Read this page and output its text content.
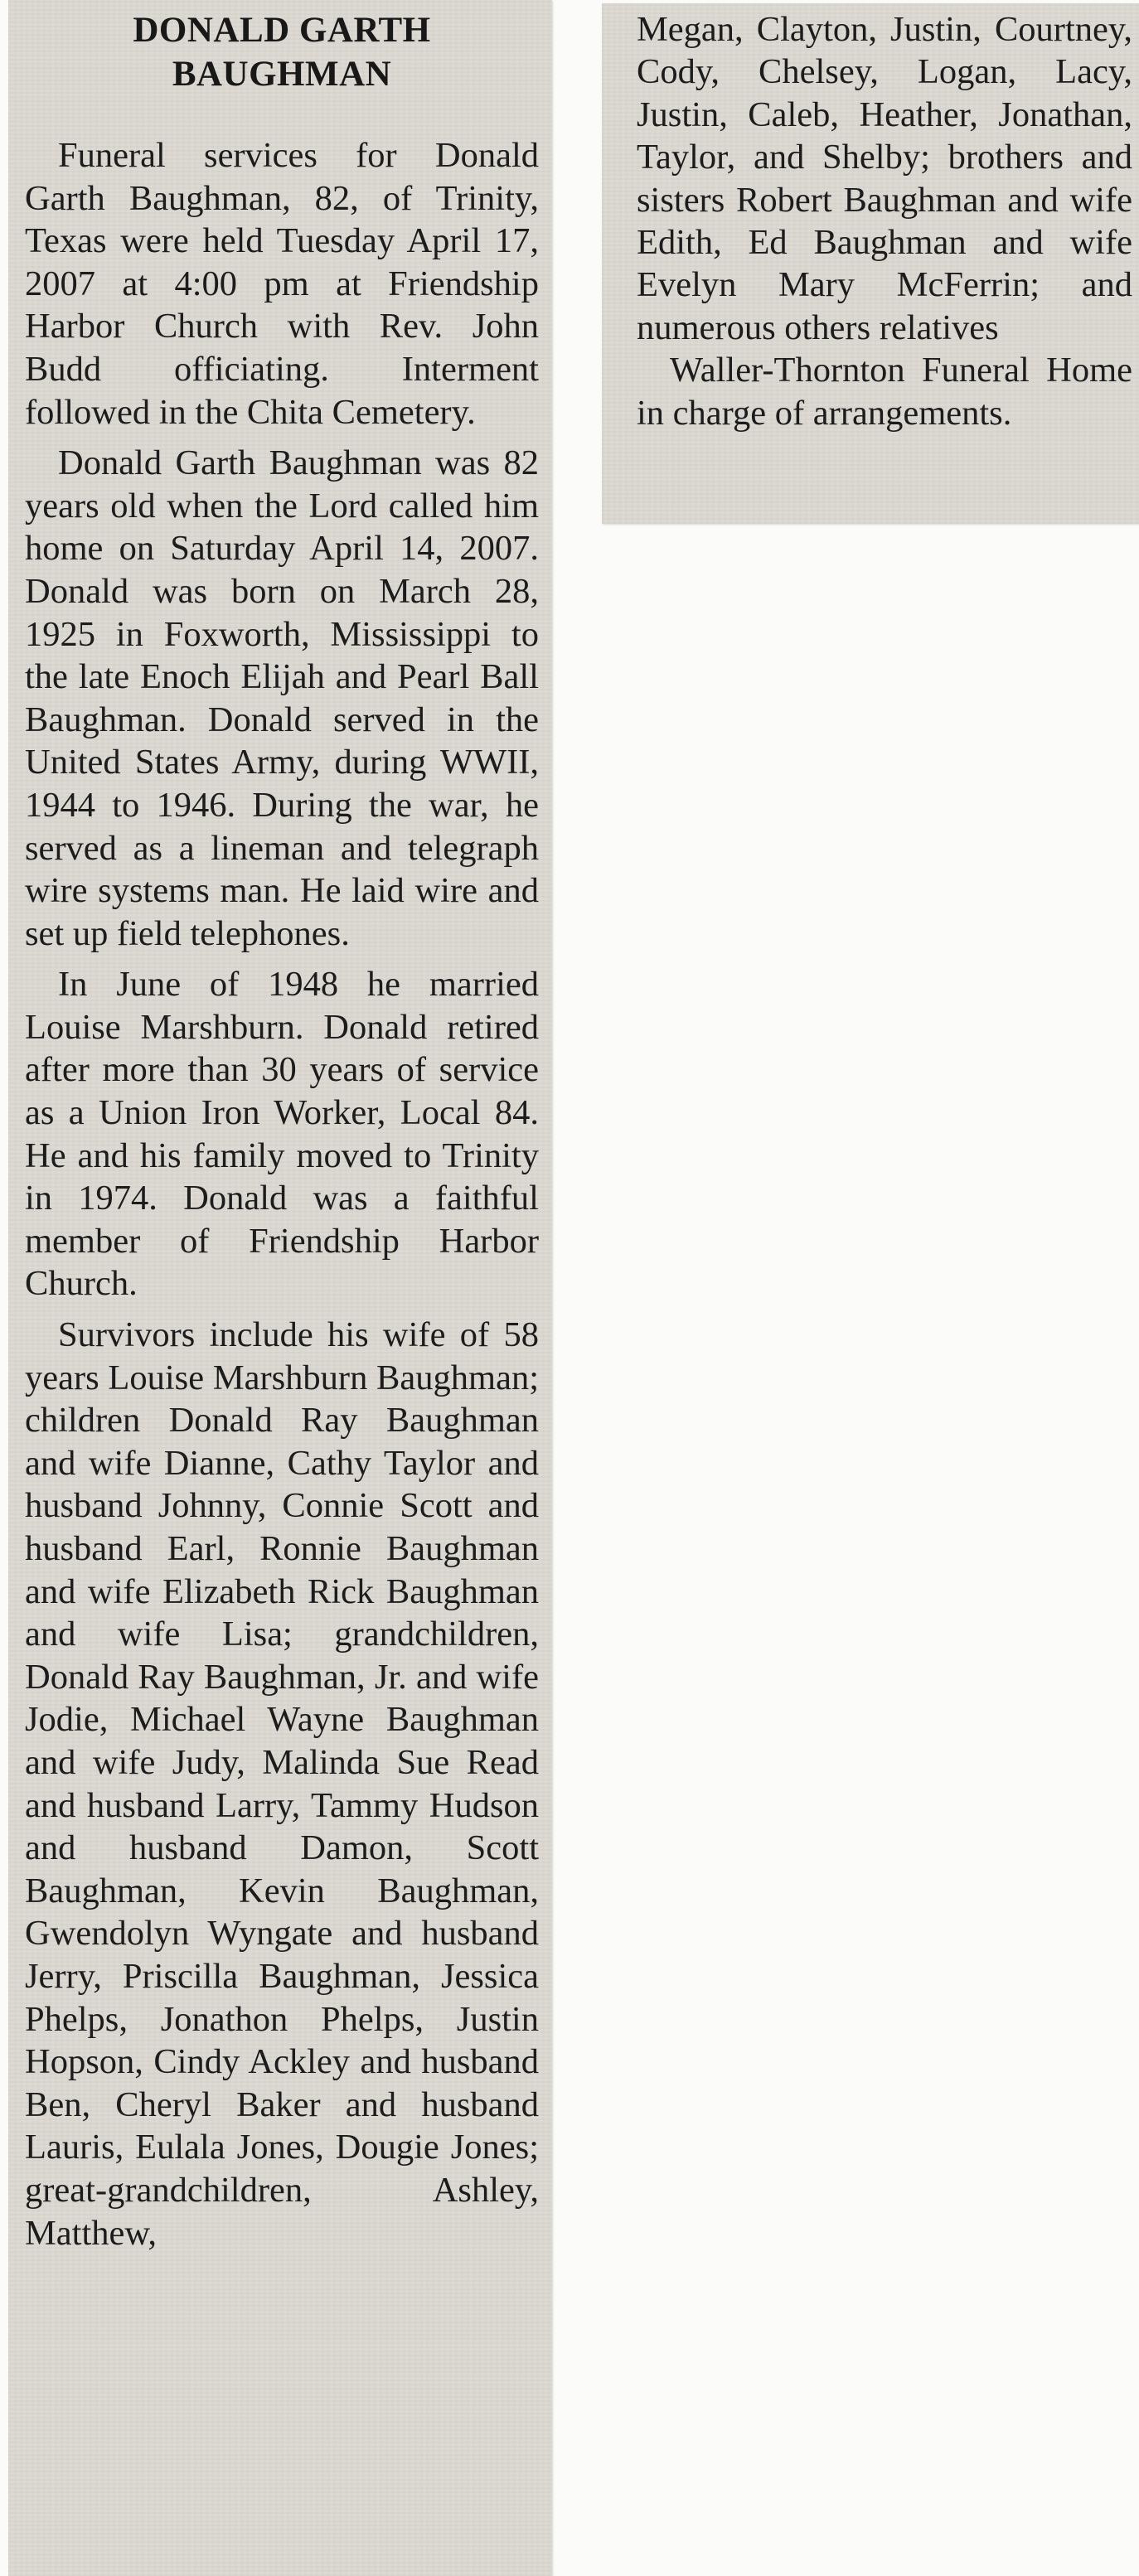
DONALD GARTH
BAUGHMAN

Funeral services for Donald Garth Baughman, 82, of Trinity, Texas were held Tuesday April 17, 2007 at 4:00 pm at Friendship Harbor Church with Rev. John Budd officiating. Interment followed in the Chita Cemetery.

Donald Garth Baughman was 82 years old when the Lord called him home on Saturday April 14, 2007. Donald was born on March 28, 1925 in Foxworth, Mississippi to the late Enoch Elijah and Pearl Ball Baughman. Donald served in the United States Army, during WWII, 1944 to 1946. During the war, he served as a lineman and telegraph wire systems man. He laid wire and set up field telephones.

In June of 1948 he married Louise Marshburn. Donald retired after more than 30 years of service as a Union Iron Worker, Local 84. He and his family moved to Trinity in 1974. Donald was a faithful member of Friendship Harbor Church.

Survivors include his wife of 58 years Louise Marshburn Baughman; children Donald Ray Baughman and wife Dianne, Cathy Taylor and husband Johnny, Connie Scott and husband Earl, Ronnie Baughman and wife Elizabeth Rick Baughman and wife Lisa; grandchildren, Donald Ray Baughman, Jr. and wife Jodie, Michael Wayne Baughman and wife Judy, Malinda Sue Read and husband Larry, Tammy Hudson and husband Damon, Scott Baughman, Kevin Baughman, Gwendolyn Wyngate and husband Jerry, Priscilla Baughman, Jessica Phelps, Jonathon Phelps, Justin Hopson, Cindy Ackley and husband Ben, Cheryl Baker and husband Lauris, Eulala Jones, Dougie Jones; great-grandchildren, Ashley, Matthew,

Megan, Clayton, Justin, Courtney, Cody, Chelsey, Logan, Lacy, Justin, Caleb, Heather, Jonathan, Taylor, and Shelby; brothers and sisters Robert Baughman and wife Edith, Ed Baughman and wife Evelyn Mary McFerrin; and numerous others relatives

Waller-Thornton Funeral Home in charge of arrangements.
